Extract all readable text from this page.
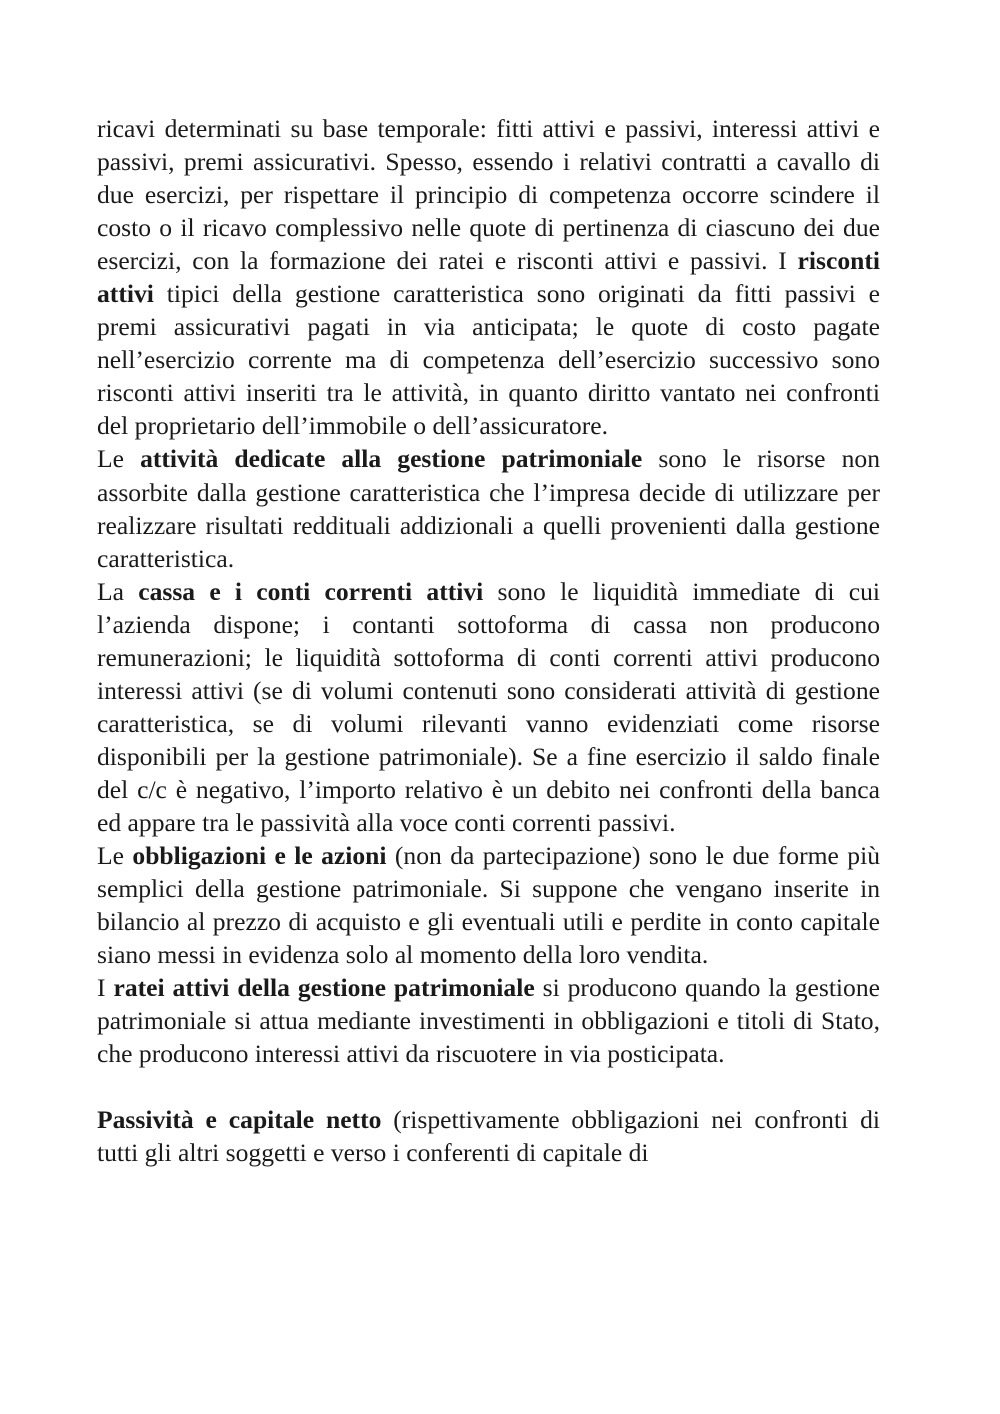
ricavi determinati su base temporale: fitti attivi e passivi, interessi attivi e passivi, premi assicurativi. Spesso, essendo i relativi contratti a cavallo di due esercizi, per rispettare il principio di competenza occorre scindere il costo o il ricavo complessivo nelle quote di pertinenza di ciascuno dei due esercizi, con la formazione dei ratei e risconti attivi e passivi. I risconti attivi tipici della gestione caratteristica sono originati da fitti passivi e premi assicurativi pagati in via anticipata; le quote di costo pagate nell’esercizio corrente ma di competenza dell’esercizio successivo sono risconti attivi inseriti tra le attività, in quanto diritto vantato nei confronti del proprietario dell’immobile o dell’assicuratore.

Le attività dedicate alla gestione patrimoniale sono le risorse non assorbite dalla gestione caratteristica che l’impresa decide di utilizzare per realizzare risultati reddituali addizionali a quelli provenienti dalla gestione caratteristica.

La cassa e i conti correnti attivi sono le liquidità immediate di cui l’azienda dispone; i contanti sottoforma di cassa non producono remunerazioni; le liquidità sottoforma di conti correnti attivi producono interessi attivi (se di volumi contenuti sono considerati attività di gestione caratteristica, se di volumi rilevanti vanno evidenziati come risorse disponibili per la gestione patrimoniale). Se a fine esercizio il saldo finale del c/c è negativo, l’importo relativo è un debito nei confronti della banca ed appare tra le passività alla voce conti correnti passivi.

Le obbligazioni e le azioni (non da partecipazione) sono le due forme più semplici della gestione patrimoniale. Si suppone che vengano inserite in bilancio al prezzo di acquisto e gli eventuali utili e perdite in conto capitale siano messi in evidenza solo al momento della loro vendita.

I ratei attivi della gestione patrimoniale si producono quando la gestione patrimoniale si attua mediante investimenti in obbligazioni e titoli di Stato, che producono interessi attivi da riscuotere in via posticipata.

Passività e capitale netto (rispettivamente obbligazioni nei confronti di tutti gli altri soggetti e verso i conferenti di capitale di
